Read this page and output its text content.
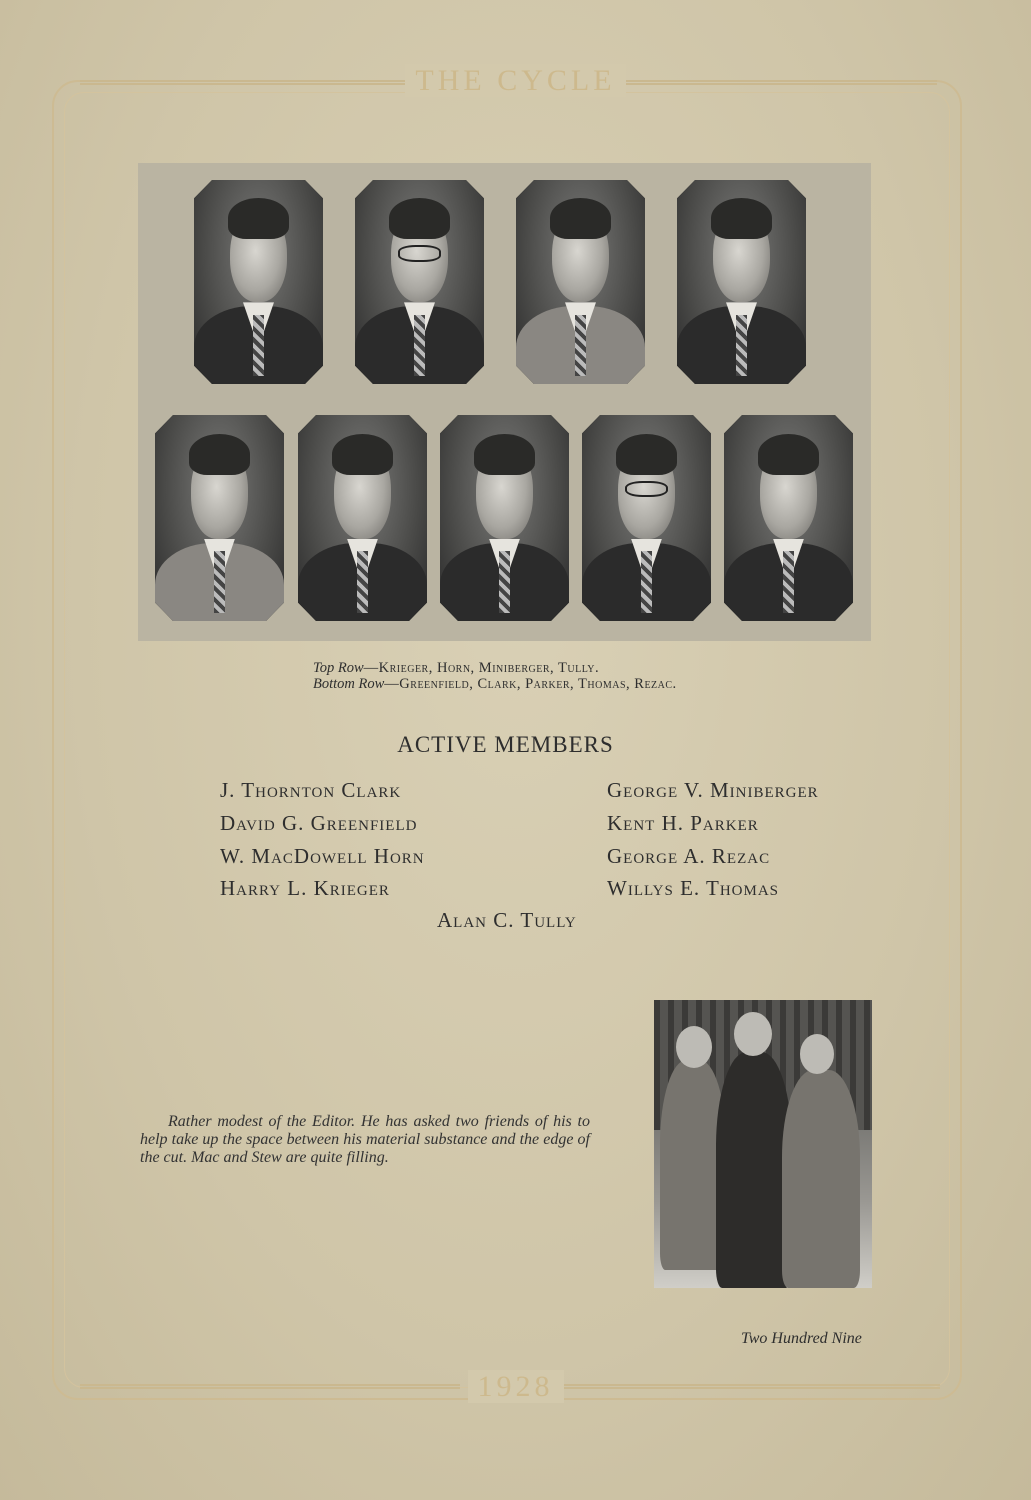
THE CYCLE
1928
Top Row—Krieger, Horn, Miniberger, Tully.
Bottom Row—Greenfield, Clark, Parker, Thomas, Rezac.
ACTIVE MEMBERS
J. Thornton Clark
David G. Greenfield
W. MacDowell Horn
Harry L. Krieger
George V. Miniberger
Kent H. Parker
George A. Rezac
Willys E. Thomas
Alan C. Tully
Rather modest of the Editor. He has asked two friends of his to help take up the space between his material substance and the edge of the cut. Mac and Stew are quite filling.
Two Hundred Nine
